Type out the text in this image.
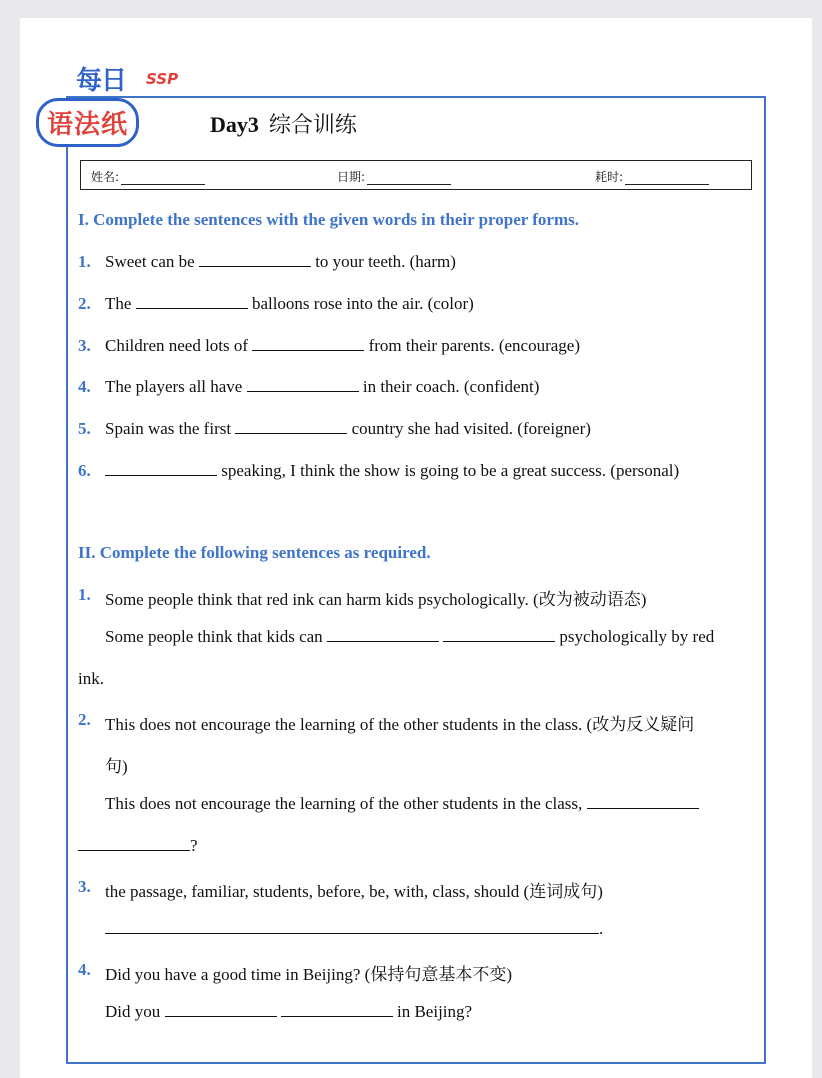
每日 SSP
语法纸	Day3 综合训练
姓名:	日期:	耗时:
I. Complete the sentences with the given words in their proper forms.
1. Sweet can be	to your teeth. (harm)
2. The	balloons rose into the air. (color)
3. Children need lots of	from their parents. (encourage)
4. The players all have	in their coach. (confident)
5. Spain was the first	country she had visited. (foreigner)
6.	speaking, I think the show is going to be a great success. (personal)
II. Complete the following sentences as required.
1. Some people think that red ink can harm kids psychologically. (改为被动语态)
Some people think that kids can	psychologically by red
ink.
2. This does not encourage the learning of the other students in the class. (改为反义疑问
句)
This does not encourage the learning of the other students in the class,
?
3. the passage, familiar, students, before, be, with, class, should (连词成句)
.
4. Did you have a good time in Beijing? (保持句意基本不变)
Did you	in Beijing?
